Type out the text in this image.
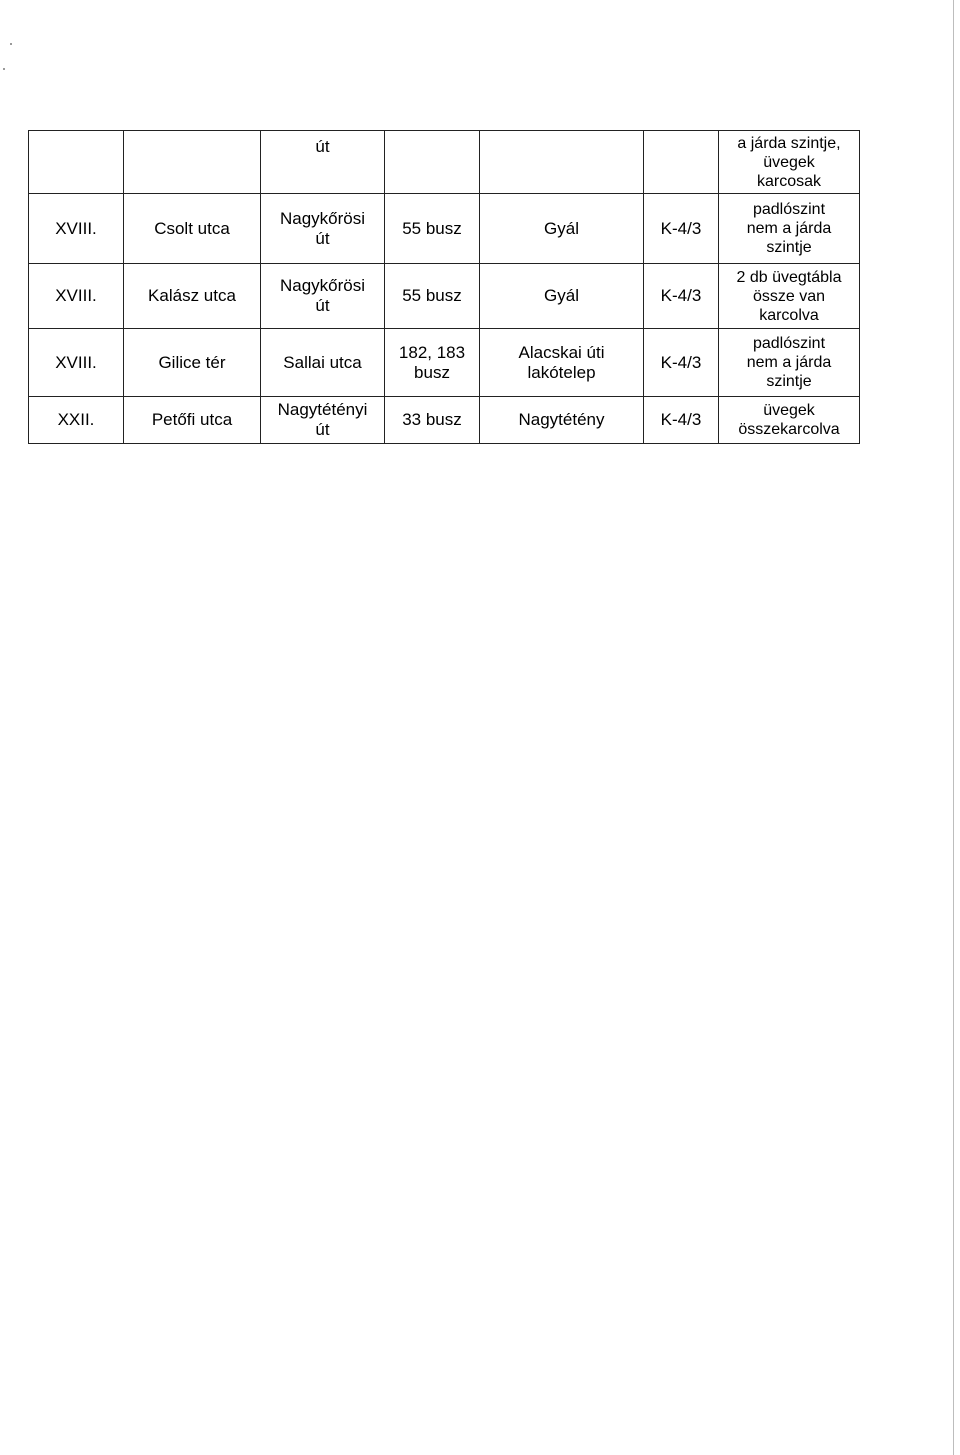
		út				a járda szintje,
üvegek
karcosak

XVIII.	Csolt utca	Nagykőrösi
út	55 busz	Gyál	K-4/3	padlószint
nem a járda
szintje

XVIII.	Kalász utca	Nagykőrösi
út	55 busz	Gyál	K-4/3	2 db üvegtábla
össze van
karcolva

XVIII.	Gilice tér	Sallai utca	182, 183
busz	Alacskai úti
lakótelep	K-4/3	padlószint
nem a járda
szintje

XXII.	Petőfi utca	Nagytétényi
út	33 busz	Nagytétény	K-4/3	üvegek
összekarcolva
